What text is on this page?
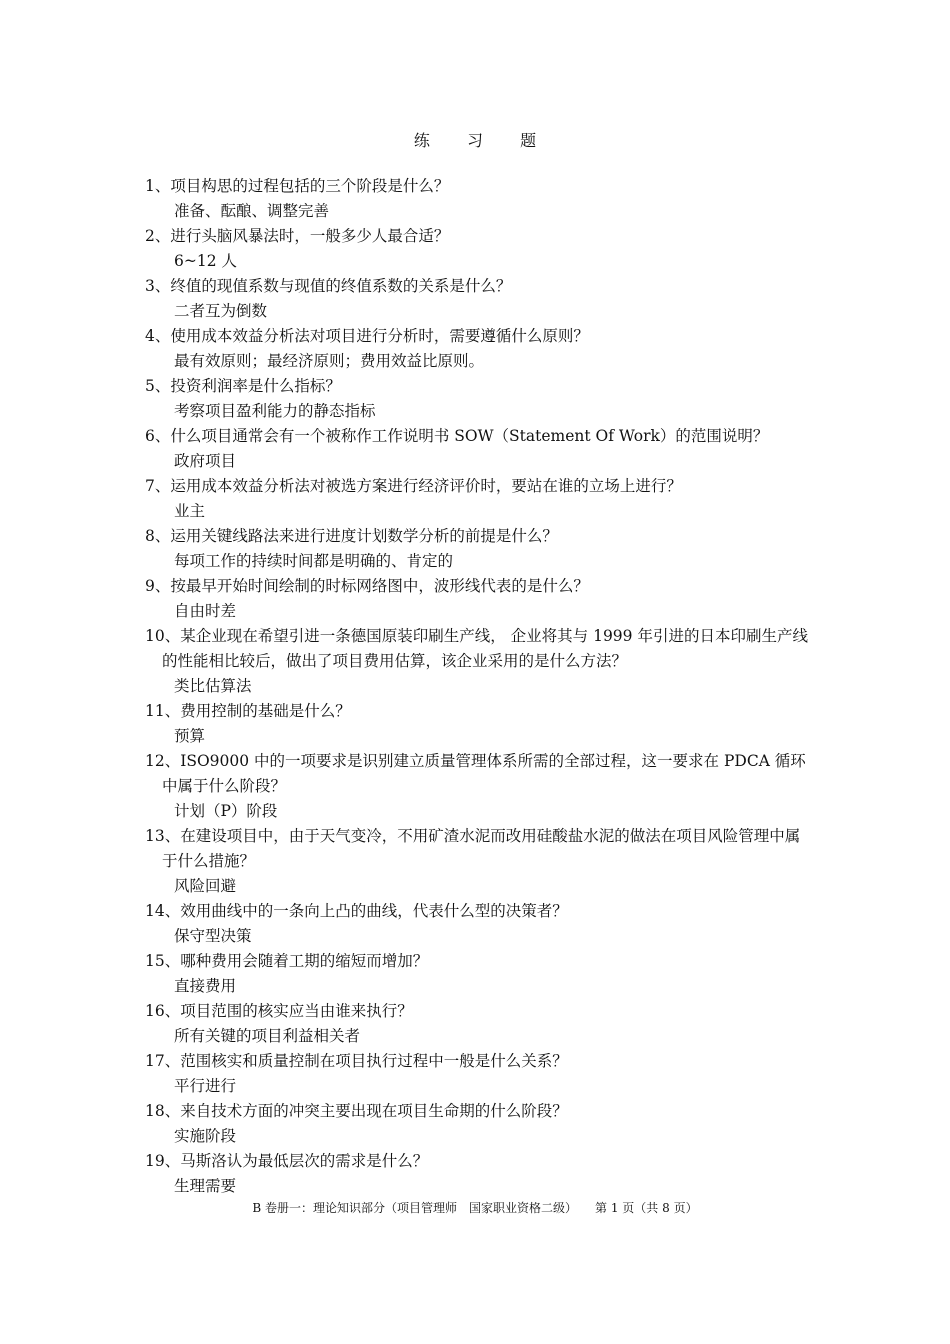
练 习 题
1、项目构思的过程包括的三个阶段是什么？
准备、酝酿、调整完善
2、进行头脑风暴法时，一般多少人最合适？
6~12 人
3、终值的现值系数与现值的终值系数的关系是什么？
二者互为倒数
4、使用成本效益分析法对项目进行分析时，需要遵循什么原则？
最有效原则；最经济原则；费用效益比原则。
5、投资利润率是什么指标？
考察项目盈利能力的静态指标
6、什么项目通常会有一个被称作工作说明书 SOW（Statement Of Work）的范围说明？
政府项目
7、运用成本效益分析法对被选方案进行经济评价时，要站在谁的立场上进行？
业主
8、运用关键线路法来进行进度计划数学分析的前提是什么？
每项工作的持续时间都是明确的、肯定的
9、按最早开始时间绘制的时标网络图中，波形线代表的是什么？
自由时差
10、某企业现在希望引进一条德国原装印刷生产线， 企业将其与 1999 年引进的日本印刷生产线的性能相比较后，做出了项目费用估算，该企业采用的是什么方法？
类比估算法
11、费用控制的基础是什么？
预算
12、ISO9000 中的一项要求是识别建立质量管理体系所需的全部过程，这一要求在 PDCA 循环中属于什么阶段？
计划（P）阶段
13、在建设项目中，由于天气变冷，不用矿渣水泥而改用硅酸盐水泥的做法在项目风险管理中属于什么措施？
风险回避
14、效用曲线中的一条向上凸的曲线，代表什么型的决策者？
保守型决策
15、哪种费用会随着工期的缩短而增加？
直接费用
16、项目范围的核实应当由谁来执行？
所有关键的项目利益相关者
17、范围核实和质量控制在项目执行过程中一般是什么关系？
平行进行
18、来自技术方面的冲突主要出现在项目生命期的什么阶段？
实施阶段
19、马斯洛认为最低层次的需求是什么？
生理需要
B 卷册一：理论知识部分（项目管理师　国家职业资格二级）　　第 1 页（共 8 页）
